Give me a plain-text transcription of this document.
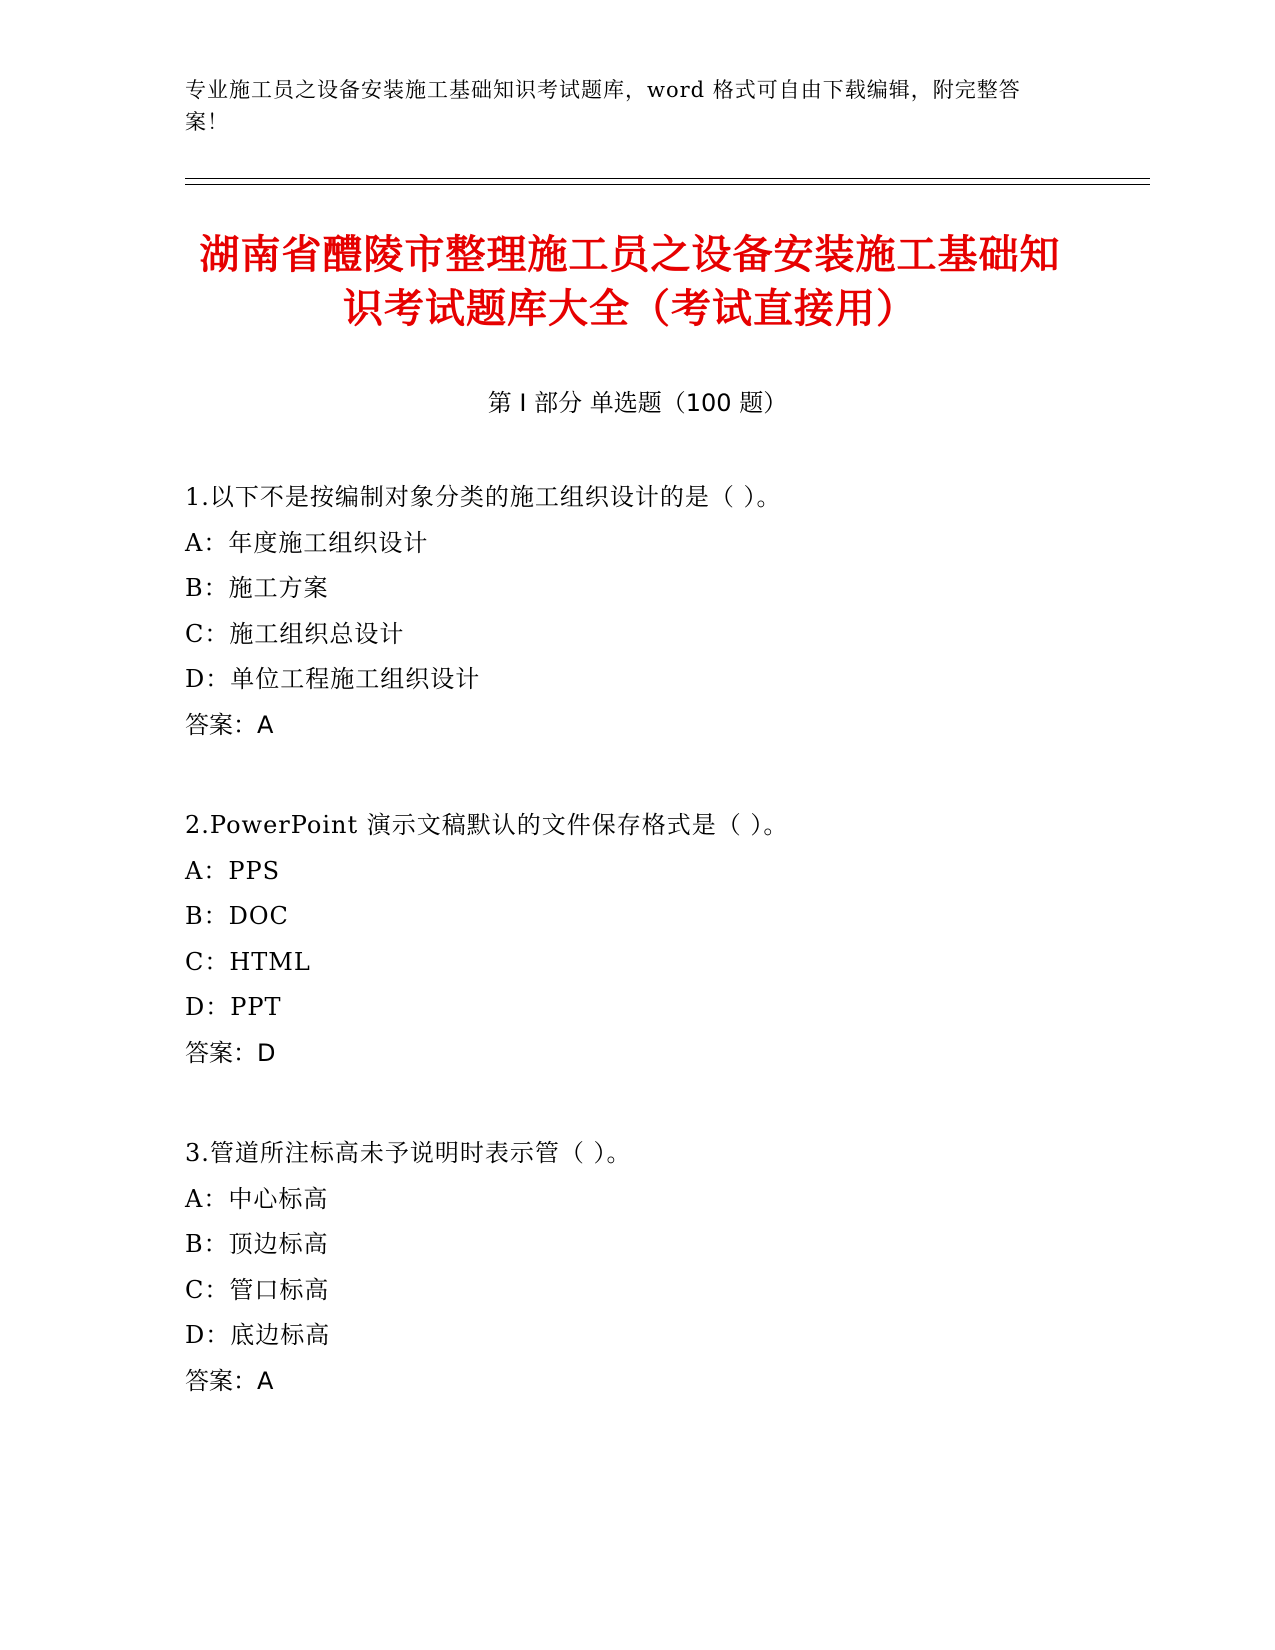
专业施工员之设备安装施工基础知识考试题库，word 格式可自由下载编辑，附完整答案！
湖南省醴陵市整理施工员之设备安装施工基础知识考试题库大全（考试直接用）
第 I 部分 单选题（100 题）
1.以下不是按编制对象分类的施工组织设计的是（ ）。
A：年度施工组织设计
B：施工方案
C：施工组织总设计
D：单位工程施工组织设计
答案：A
2.PowerPoint 演示文稿默认的文件保存格式是（ ）。
A：PPS
B：DOC
C：HTML
D：PPT
答案：D
3.管道所注标高未予说明时表示管（ ）。
A：中心标高
B：顶边标高
C：管口标高
D：底边标高
答案：A
